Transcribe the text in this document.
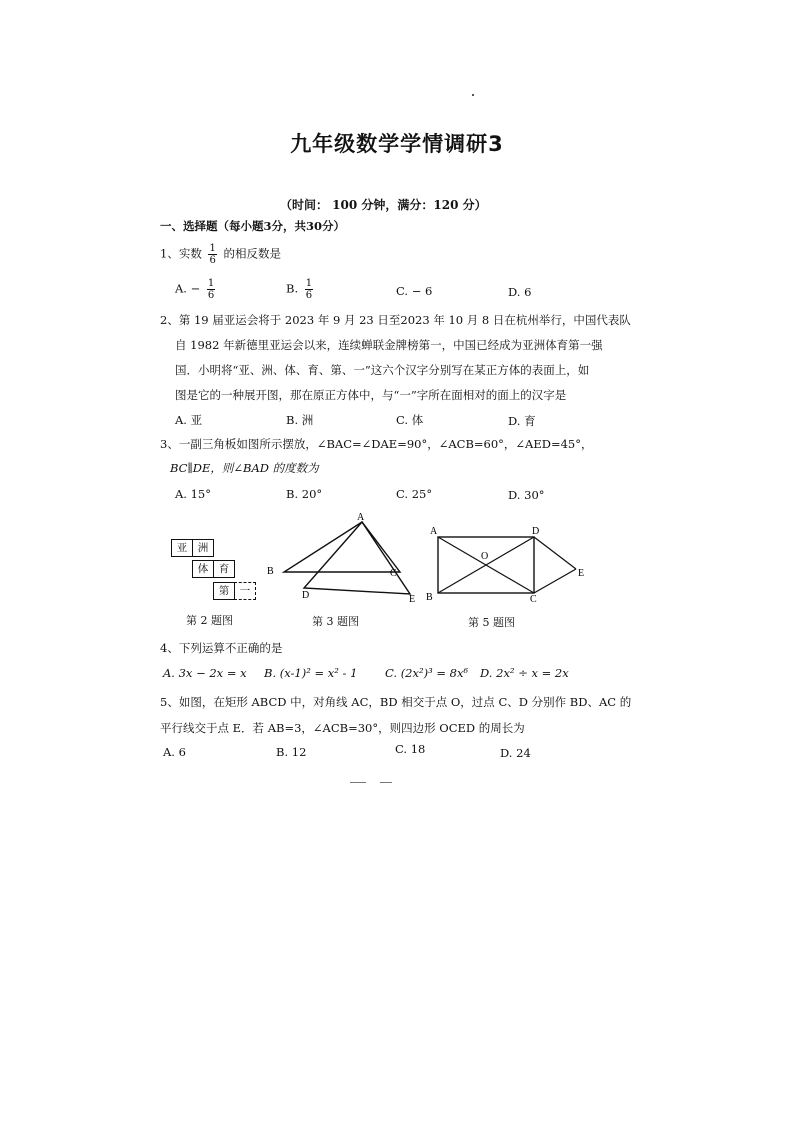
九年级数学学情调研3
（时间： 100 分钟，满分：120 分）
一、选择题（每小题3分，共30分）
1、实数 $\frac{1}{6}$ 的相反数是
A. − $\frac{1}{6}$	B. $\frac{1}{6}$	C. − 6	D. 6
2、第 19 届亚运会将于 2023 年 9 月 23 日至2023 年 10 月 8 日在杭州举行，中国代表队
自 1982 年新德里亚运会以来，连续蝉联金牌榜第一，中国已经成为亚洲体育第一强
国．小明将“亚、洲、体、育、第、一”这六个汉字分别写在某正方体的表面上，如
图是它的一种展开图，那在原正方体中，与“一”字所在面相对的面上的汉字是
A. 亚	B. 洲	C. 体	D. 育
3、一副三角板如图所示摆放，∠BAC=∠DAE=90°，∠ACB=60°，∠AED=45°，
BC∥DE，则∠BAD 的度数为
A. 15°	B. 20°	C. 25°	D. 30°
亚	洲
体	育
第	一
第 2 题图
A
B	C
D	E
第 3 题图
A
B	C
D
E
O
第 5 题图
4、下列运算不正确的是
A. 3x − 2x = x B. (x-1)² = x² - 1 C. (2x²)³ = 8x⁶ D. 2x² ÷ x = 2x
5、如图，在矩形 ABCD 中，对角线 AC，BD 相交于点 O，过点 C、D 分别作 BD、AC 的
平行线交于点 E．若 AB=3，∠ACB=30°，则四边形 OCED 的周长为
A. 6	B. 12	C. 18	D. 24
